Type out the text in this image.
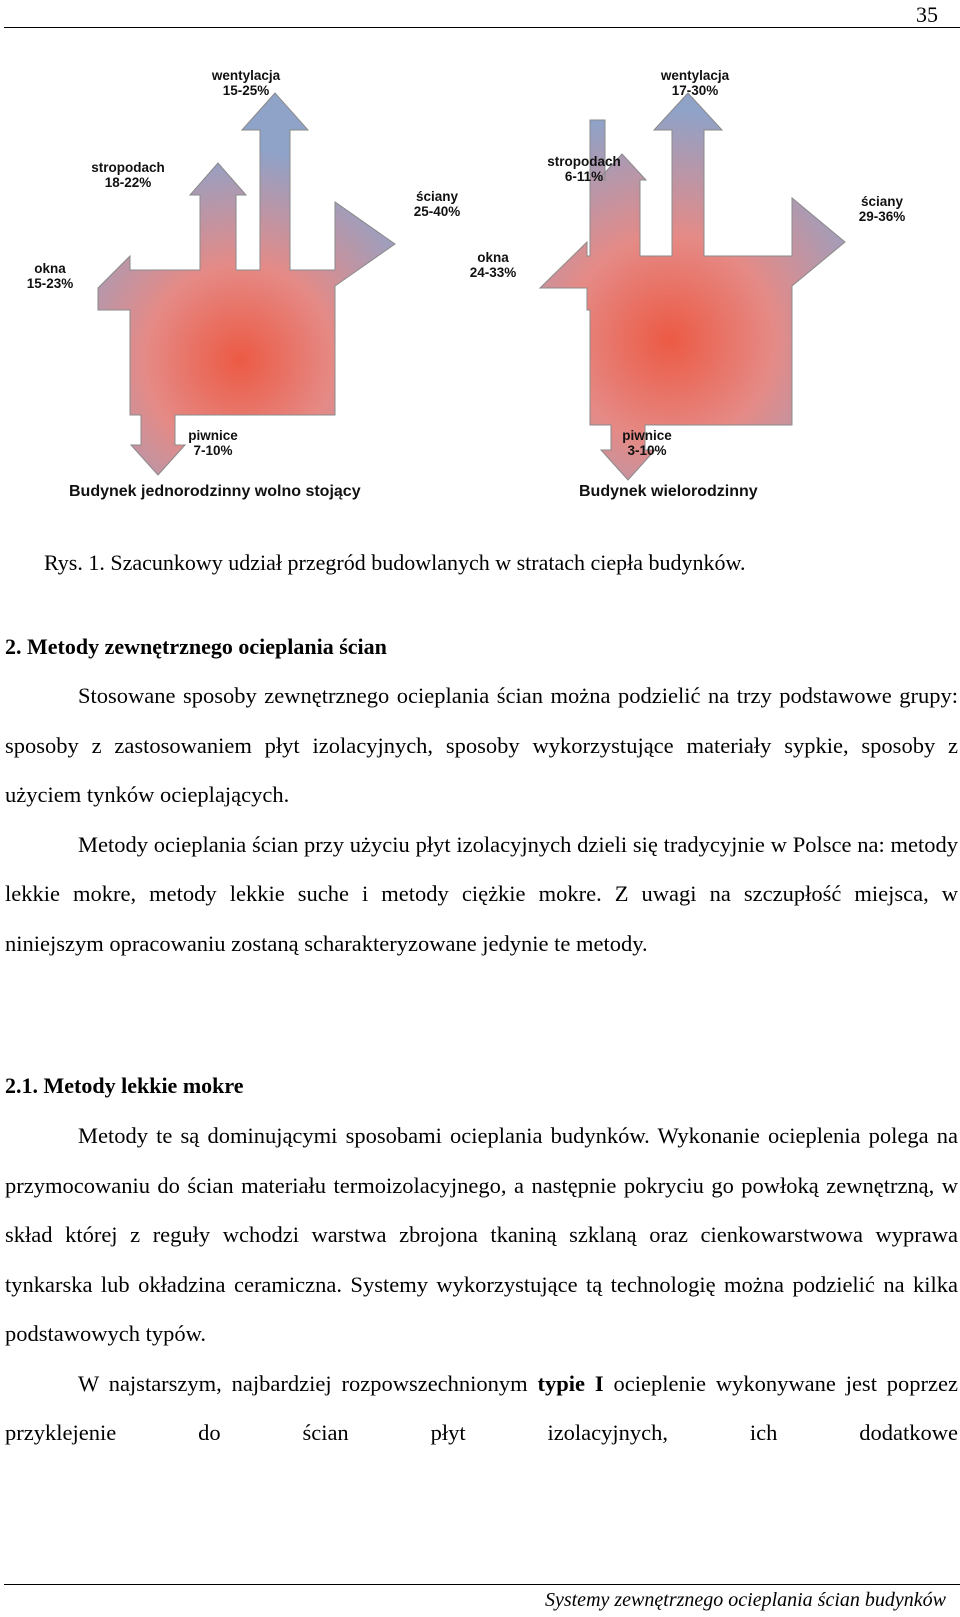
35
wentylacja
15-25%
stropodach
18-22%
okna
15-23%
ściany
25-40%
piwnice
7-10%
Budynek jednorodzinny wolno stojący
wentylacja
17-30%
stropodach
6-11%
okna
24-33%
ściany
29-36%
piwnice
3-10%
Budynek wielorodzinny
Rys. 1. Szacunkowy udział przegród budowlanych w stratach ciepła budynków.
2. Metody zewnętrznego ocieplania ścian

Stosowane sposoby zewnętrznego ocieplania ścian można podzielić na trzy podstawowe grupy: sposoby z zastosowaniem płyt izolacyjnych, sposoby wykorzystujące materiały sypkie, sposoby z użyciem tynków ocieplających.

Metody ocieplania ścian przy użyciu płyt izolacyjnych dzieli się tradycyjnie w Polsce na: metody lekkie mokre, metody lekkie suche i metody ciężkie mokre. Z uwagi na szczupłość miejsca, w niniejszym opracowaniu zostaną scharakteryzowane jedynie te metody.

2.1. Metody lekkie mokre

Metody te są dominującymi sposobami ocieplania budynków. Wykonanie ocieplenia polega na przymocowaniu do ścian materiału termoizolacyjnego, a następnie pokryciu go powłoką zewnętrzną, w skład której z reguły wchodzi warstwa zbrojona tkaniną szklaną oraz cienkowarstwowa wyprawa tynkarska lub okładzina ceramiczna. Systemy wykorzystujące tą technologię można podzielić na kilka podstawowych typów.

W najstarszym, najbardziej rozpowszechnionym typie I ocieplenie wykonywane jest poprzez przyklejenie do ścian płyt izolacyjnych, ich dodatkowe

Systemy zewnętrznego ocieplania ścian budynków
